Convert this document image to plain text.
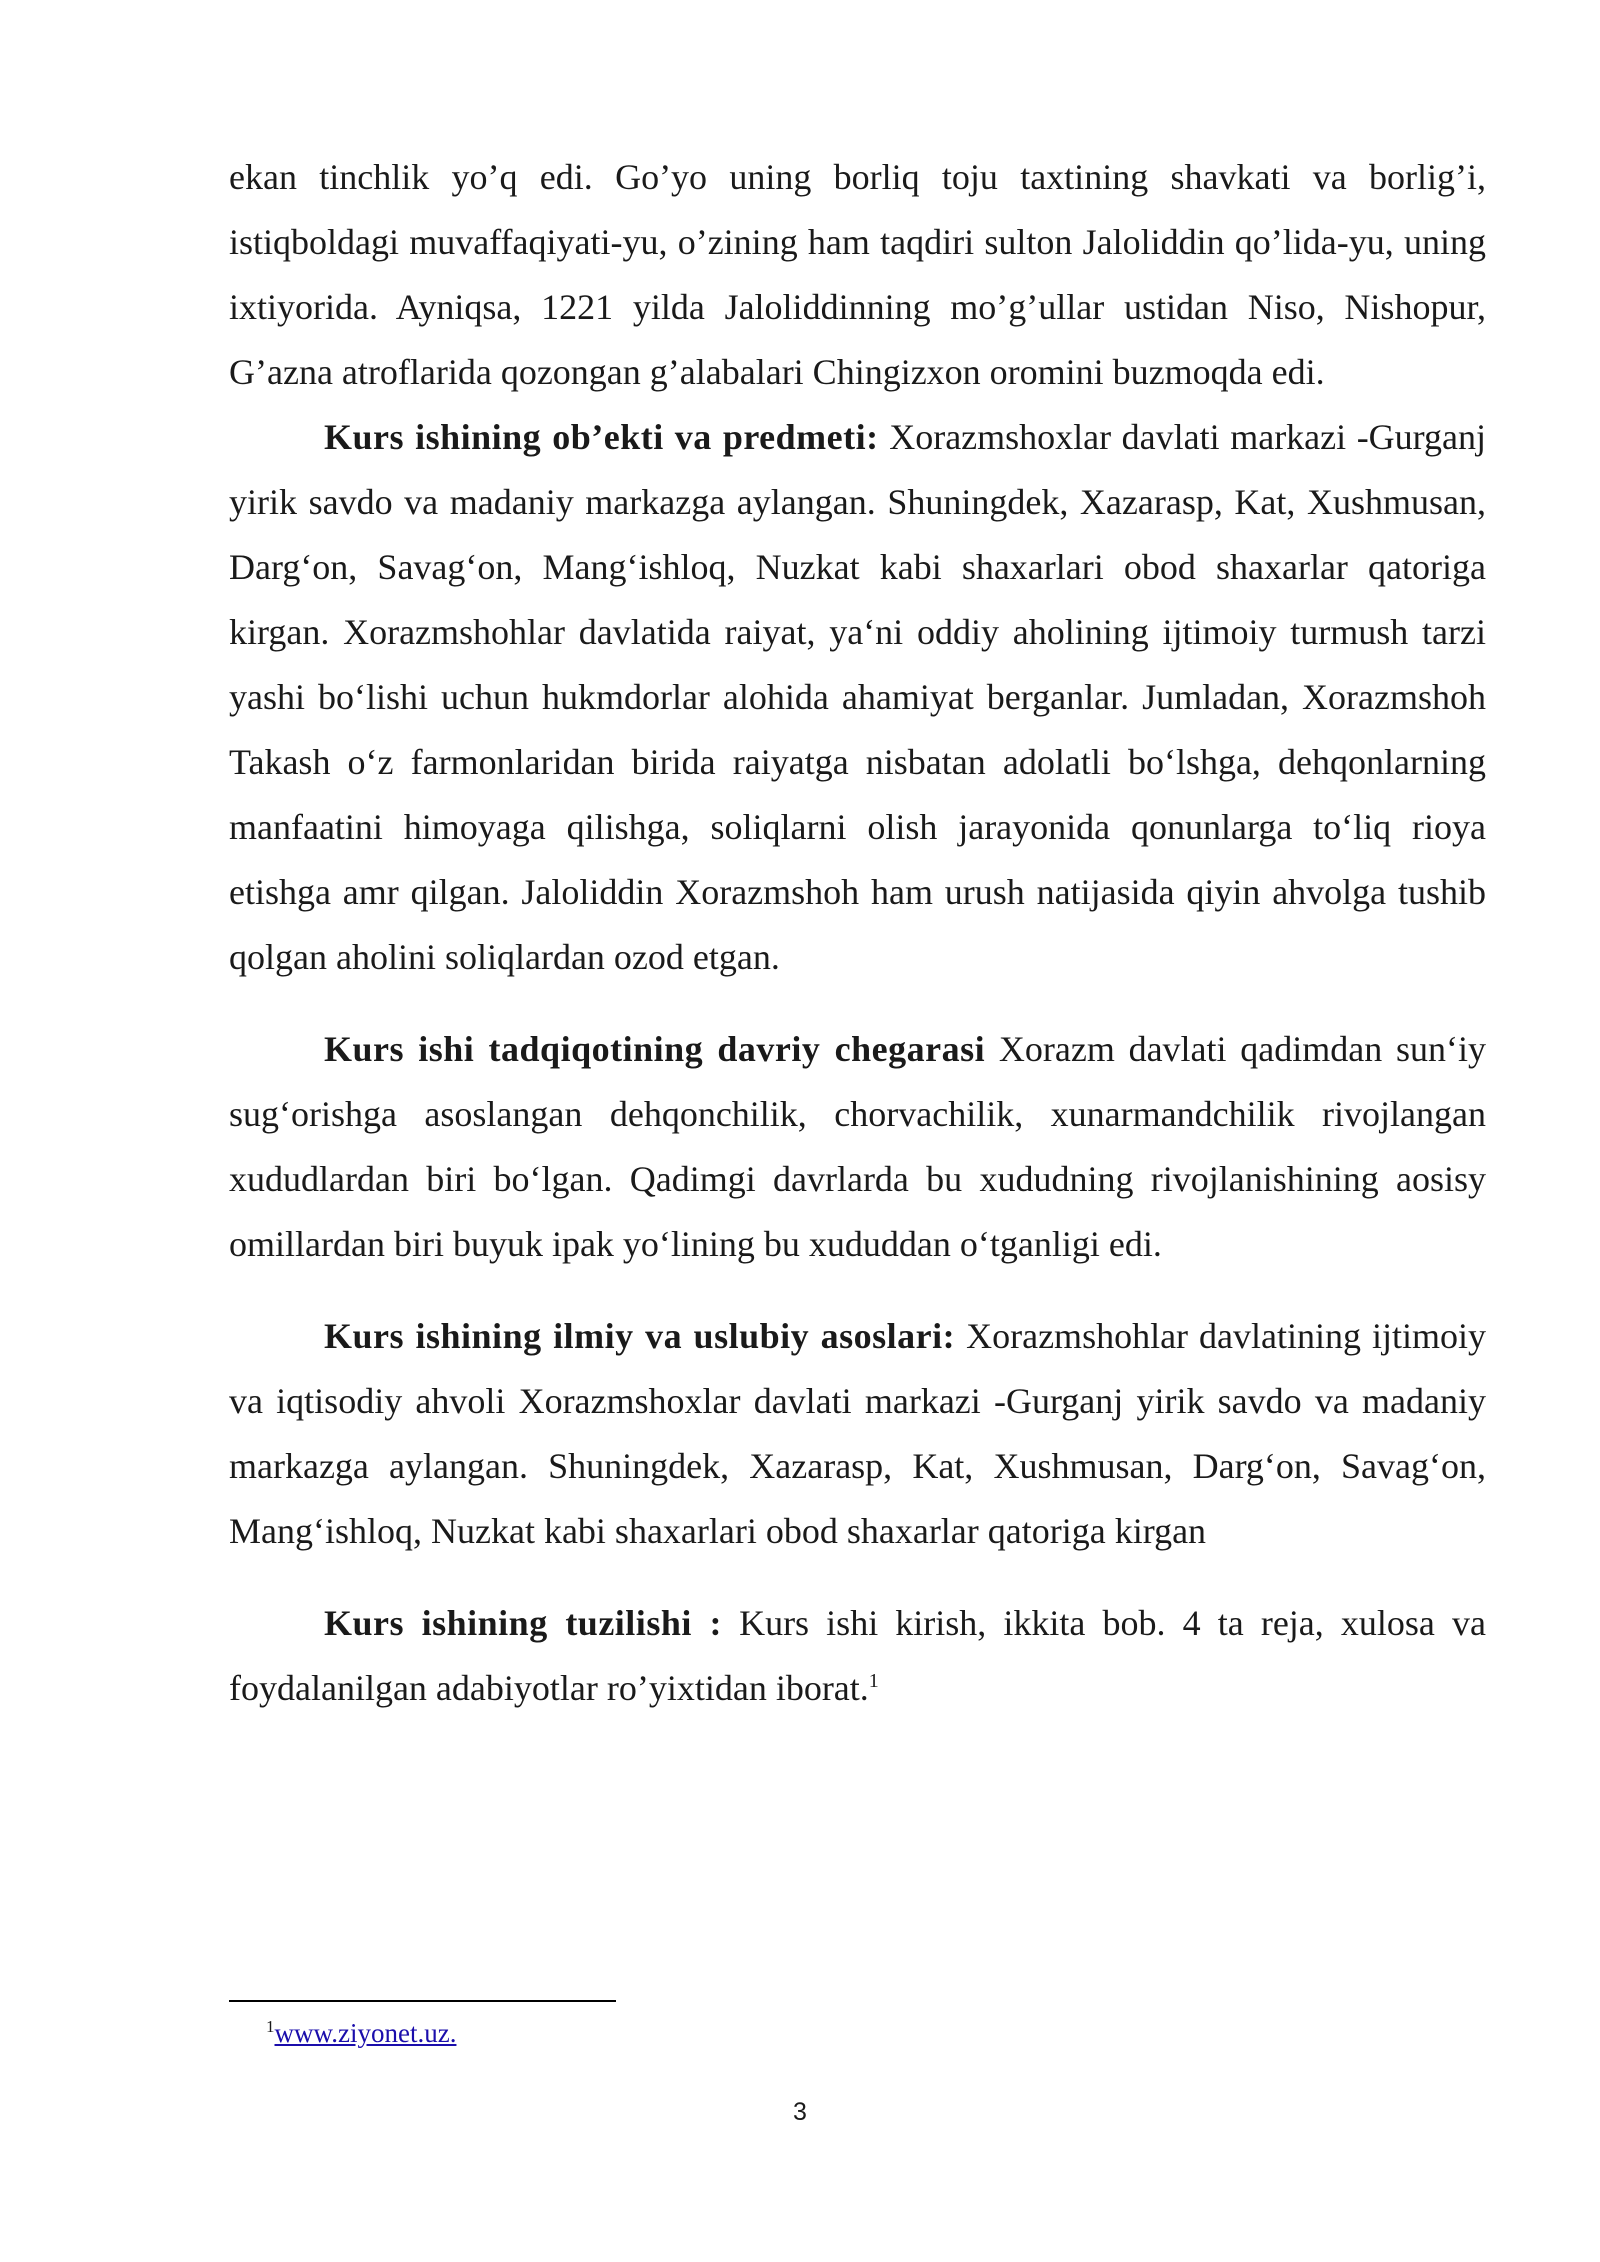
ekan tinchlik yo’q edi. Go’yo uning borliq toju taxtining shavkati va borlig’i, istiqboldagi muvaffaqiyati-yu, o’zining ham taqdiri sulton Jaloliddin qo’lida-yu, uning ixtiyorida. Ayniqsa, 1221 yilda Jaloliddinning mo’g’ullar ustidan Niso, Nishopur, G’azna atroflarida qozongan g’alabalari Chingizxon oromini buzmoqda edi.

Kurs ishining ob’ekti va predmeti: Xorazmshoxlar davlati markazi -Gurganj yirik savdo va madaniy markazga aylangan. Shuningdek, Xazarasp, Kat, Xushmusan, Darg‘on, Savag‘on, Mang‘ishloq, Nuzkat kabi shaxarlari obod shaxarlar qatoriga kirgan. Xorazmshohlar davlatida raiyat, ya‘ni oddiy aholining ijtimoiy turmush tarzi yashi bo‘lishi uchun hukmdorlar alohida ahamiyat berganlar. Jumladan, Xorazmshoh Takash o‘z farmonlaridan birida raiyatga nisbatan adolatli bo‘lshga, dehqonlarning manfaatini himoyaga qilishga, soliqlarni olish jarayonida qonunlarga to‘liq rioya etishga amr qilgan. Jaloliddin Xorazmshoh ham urush natijasida qiyin ahvolga tushib qolgan aholini soliqlardan ozod etgan.

Kurs ishi tadqiqotining davriy chegarasi Xorazm davlati qadimdan sun‘iy sug‘orishga asoslangan dehqonchilik, chorvachilik, xunarmandchilik rivojlangan xududlardan biri bo‘lgan. Qadimgi davrlarda bu xududning rivojlanishining aosisy omillardan biri buyuk ipak yo‘lining bu xududdan o‘tganligi edi.

Kurs ishining ilmiy va uslubiy asoslari: Xorazmshohlar davlatining ijtimoiy va iqtisodiy ahvoli Xorazmshoxlar davlati markazi -Gurganj yirik savdo va madaniy markazga aylangan. Shuningdek, Xazarasp, Kat, Xushmusan, Darg‘on, Savag‘on, Mang‘ishloq, Nuzkat kabi shaxarlari obod shaxarlar qatoriga kirgan

Kurs ishining tuzilishi : Kurs ishi kirish, ikkita bob. 4 ta reja, xulosa va foydalanilgan adabiyotlar ro’yixtidan iborat.$^1$

$^1$www.ziyonet.uz.
3
